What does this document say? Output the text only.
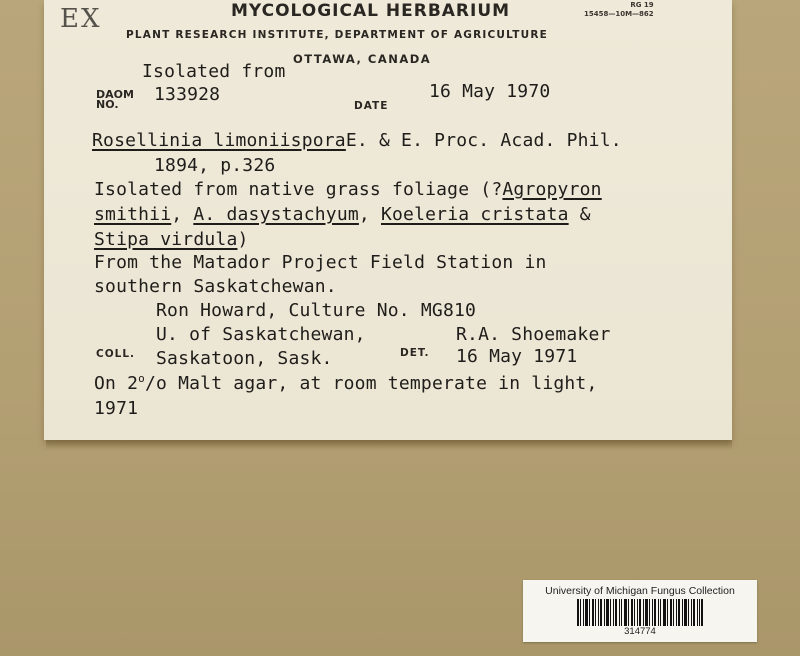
EX	MYCOLOGICAL HERBARIUM	RG 19
15458—10M—862
PLANT RESEARCH INSTITUTE, DEPARTMENT OF AGRICULTURE
OTTAWA, CANADA
Isolated from
DAOM
NO.	133928
DATE
16 May 1970
Rosellinia limoniisporaE. & E. Proc. Acad. Phil.
1894, p.326
Isolated from native grass foliage (?Agropyron
smithii, A. dasystachyum, Koeleria cristata &
Stipa virdula)
From the Matador Project Field Station in
southern Saskatchewan.
Ron Howard, Culture No. MG810
U. of Saskatchewan,	R.A. Shoemaker
COLL. Saskatoon, Sask.	DET. 16 May 1971
On 2$^o$/o Malt agar, at room temperate in light,
1971
University of Michigan Fungus Collection
314774
